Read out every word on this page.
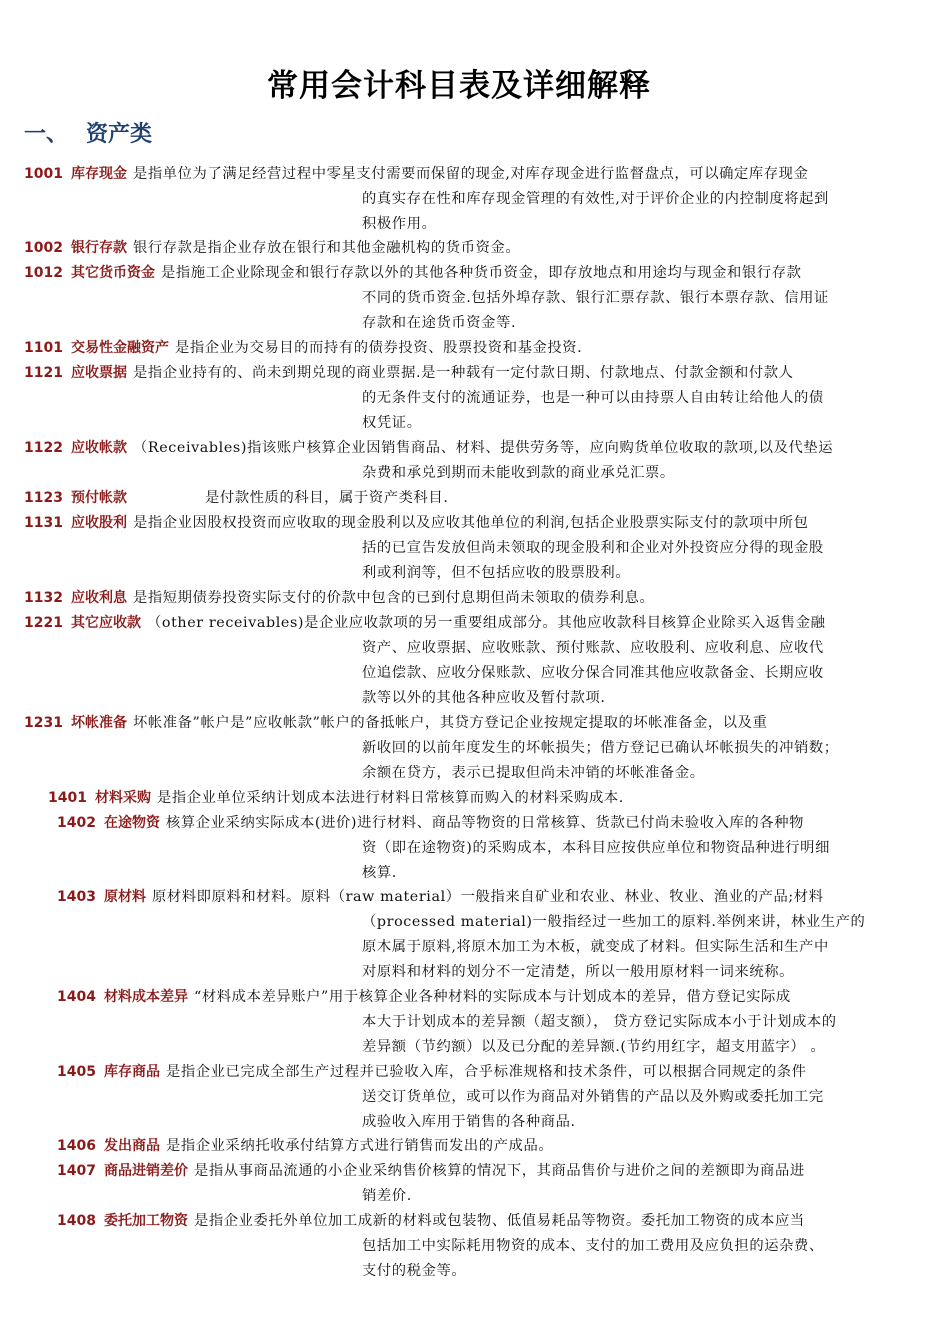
常用会计科目表及详细解释
一、 资产类
1001 库存现金 是指单位为了满足经营过程中零星支付需要而保留的现金,对库存现金进行监督盘点，可以确定库存现金
的真实存在性和库存现金管理的有效性,对于评价企业的内控制度将起到
积极作用。
1002 银行存款 银行存款是指企业存放在银行和其他金融机构的货币资金。
1012 其它货币资金 是指施工企业除现金和银行存款以外的其他各种货币资金，即存放地点和用途均与现金和银行存款
不同的货币资金.包括外埠存款、银行汇票存款、银行本票存款、信用证
存款和在途货币资金等.
1101 交易性金融资产 是指企业为交易目的而持有的债券投资、股票投资和基金投资.
1121 应收票据 是指企业持有的、尚未到期兑现的商业票据.是一种载有一定付款日期、付款地点、付款金额和付款人
的无条件支付的流通证券，也是一种可以由持票人自由转让给他人的债
权凭证。
1122 应收帐款 （Receivables)指该账户核算企业因销售商品、材料、提供劳务等，应向购货单位收取的款项,以及代垫运
杂费和承兑到期而未能收到款的商业承兑汇票。
1123 预付帐款	是付款性质的科目，属于资产类科目.
1131 应收股利 是指企业因股权投资而应收取的现金股利以及应收其他单位的利润,包括企业股票实际支付的款项中所包
括的已宣告发放但尚未领取的现金股利和企业对外投资应分得的现金股
利或利润等，但不包括应收的股票股利。
1132 应收利息 是指短期债券投资实际支付的价款中包含的已到付息期但尚未领取的债券利息。
1221 其它应收款 （other receivables)是企业应收款项的另一重要组成部分。其他应收款科目核算企业除买入返售金融
资产、应收票据、应收账款、预付账款、应收股利、应收利息、应收代
位追偿款、应收分保账款、应收分保合同准其他应收款备金、长期应收
款等以外的其他各种应收及暂付款项.
1231 坏帐准备 坏帐准备”帐户是”应收帐款”帐户的备抵帐户，其贷方登记企业按规定提取的坏帐准备金，以及重
新收回的以前年度发生的坏帐损失；借方登记已确认坏帐损失的冲销数；
余额在贷方，表示已提取但尚未冲销的坏帐准备金。
1401 材料采购 是指企业单位采纳计划成本法进行材料日常核算而购入的材料采购成本.
1402 在途物资 核算企业采纳实际成本(进价)进行材料、商品等物资的日常核算、货款已付尚未验收入库的各种物
资（即在途物资)的采购成本，本科目应按供应单位和物资品种进行明细
核算.
1403 原材料 原材料即原料和材料。原料（raw material）一般指来自矿业和农业、林业、牧业、渔业的产品;材料
（processed material)一般指经过一些加工的原料.举例来讲，林业生产的
原木属于原料,将原木加工为木板，就变成了材料。但实际生活和生产中
对原料和材料的划分不一定清楚，所以一般用原材料一词来统称。
1404 材料成本差异 “材料成本差异账户”用于核算企业各种材料的实际成本与计划成本的差异，借方登记实际成
本大于计划成本的差异额（超支额）， 贷方登记实际成本小于计划成本的
差异额（节约额）以及已分配的差异额.(节约用红字，超支用蓝字） 。
1405 库存商品 是指企业已完成全部生产过程并已验收入库，合乎标准规格和技术条件，可以根据合同规定的条件
送交订货单位，或可以作为商品对外销售的产品以及外购或委托加工完
成验收入库用于销售的各种商品.
1406 发出商品 是指企业采纳托收承付结算方式进行销售而发出的产成品。
1407 商品进销差价 是指从事商品流通的小企业采纳售价核算的情况下，其商品售价与进价之间的差额即为商品进
销差价.
1408 委托加工物资 是指企业委托外单位加工成新的材料或包装物、低值易耗品等物资。委托加工物资的成本应当
包括加工中实际耗用物资的成本、支付的加工费用及应负担的运杂费、
支付的税金等。
